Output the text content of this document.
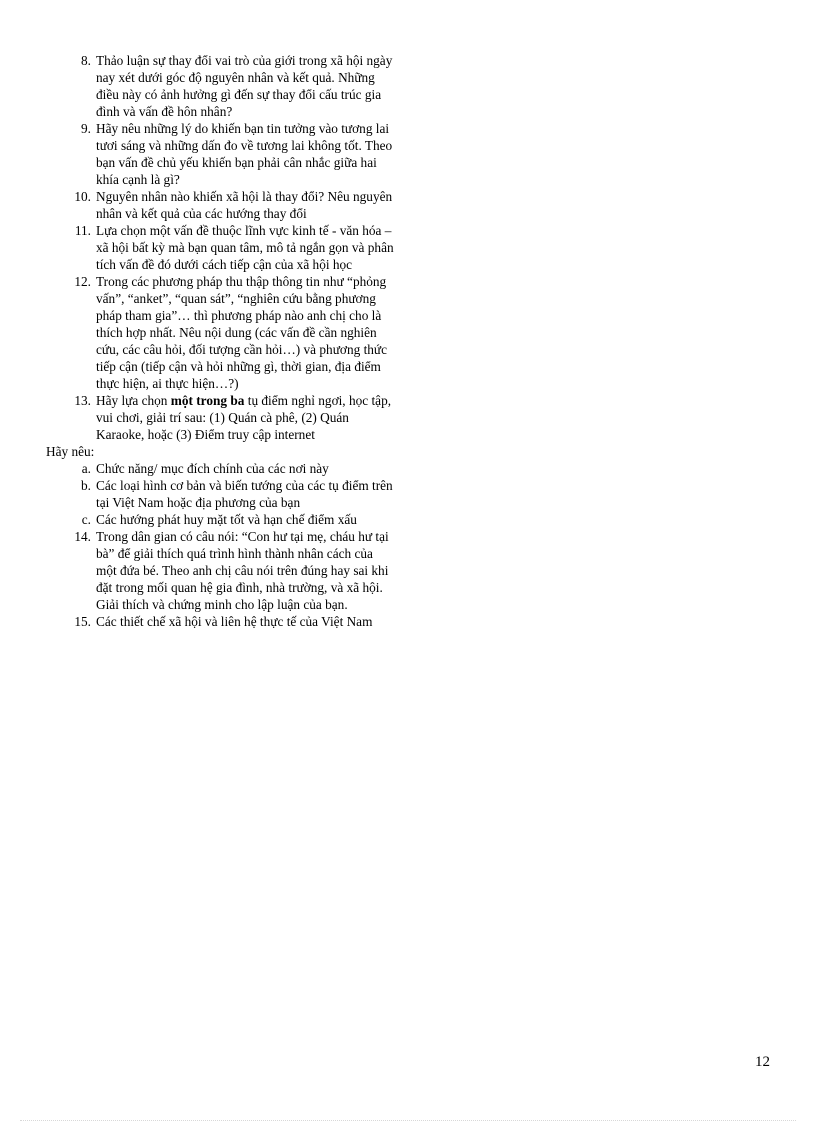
8. Thảo luận sự thay đổi vai trò của giới trong xã hội ngày nay xét dưới góc độ nguyên nhân và kết quả. Những điều này có ảnh hưởng gì đến sự thay đổi cấu trúc gia đình và vấn đề hôn nhân?
9. Hãy nêu những lý do khiến bạn tin tưởng vào tương lai tươi sáng và những dấn đo về tương lai không tốt. Theo bạn vấn đề chủ yếu khiến bạn phải cân nhắc giữa hai khía cạnh là gì?
10. Nguyên nhân nào khiến xã hội là thay đổi? Nêu nguyên nhân và kết quả của các hướng thay đổi
11. Lựa chọn một vấn đề thuộc lĩnh vực kinh tế - văn hóa – xã hội bất kỳ mà bạn quan tâm, mô tả ngắn gọn và phân tích vấn đề đó dưới cách tiếp cận của xã hội học
12. Trong các phương pháp thu thập thông tin như “phỏng vấn”, “anket”, “quan sát”, “nghiên cứu bằng phương pháp tham gia”… thì phương pháp nào anh chị cho là thích hợp nhất. Nêu nội dung (các vấn đề cần nghiên cứu, các câu hỏi, đối tượng cần hỏi…) và phương thức tiếp cận (tiếp cận và hỏi những gì, thời gian, địa điểm thực hiện, ai thực hiện…?)
13. Hãy lựa chọn một trong ba tụ điểm nghỉ ngơi, học tập, vui chơi, giải trí sau: (1) Quán cà phê, (2) Quán Karaoke, hoặc (3) Điểm truy cập internet

Hãy nêu:

a. Chức năng/ mục đích chính của các nơi này
b. Các loại hình cơ bản và biến tướng của các tụ điểm trên tại Việt Nam hoặc địa phương của bạn
c. Các hướng phát huy mặt tốt và hạn chế điểm xấu
14. Trong dân gian có câu nói: “Con hư tại mẹ, cháu hư tại bà” để giải thích quá trình hình thành nhân cách của một đứa bé. Theo anh chị câu nói trên đúng hay sai khi đặt trong mối quan hệ gia đình, nhà trường, và xã hội. Giải thích và chứng minh cho lập luận của bạn.
15. Các thiết chế xã hội và liên hệ thực tế của Việt Nam
12
